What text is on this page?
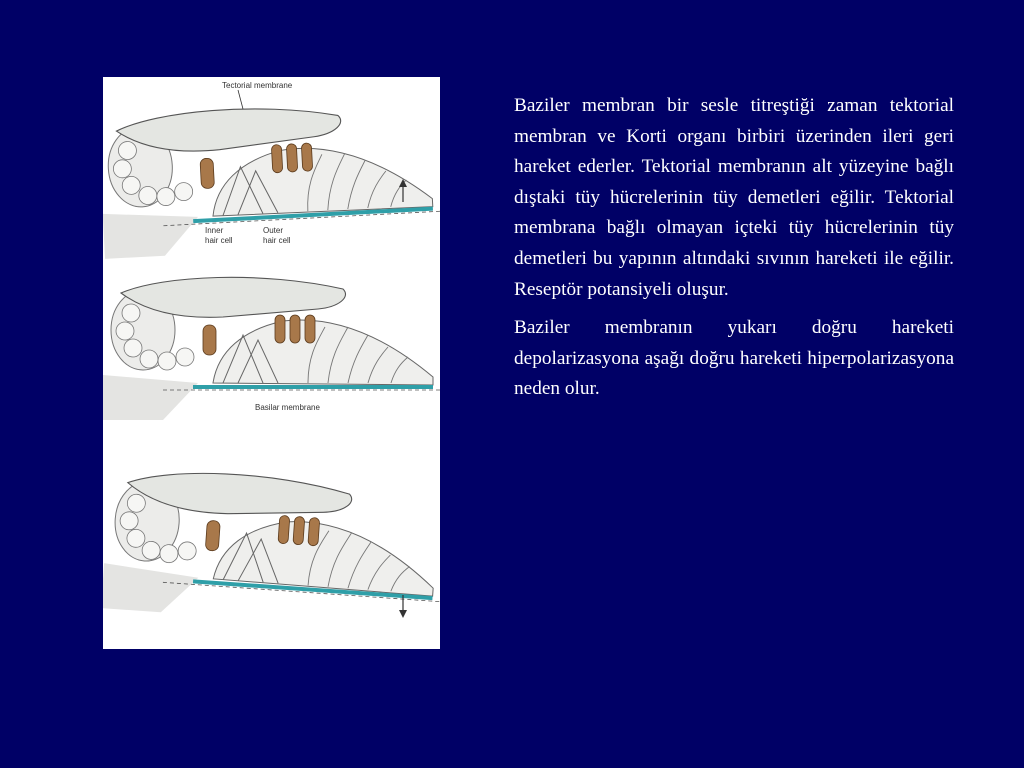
Tectorial membrane
Inner
hair cell
Outer
hair cell
Basilar membrane

Baziler membran bir sesle titreştiği zaman tektorial membran ve Korti organı birbiri üzerinden ileri geri hareket ederler. Tektorial membranın alt yüzeyine bağlı dıştaki tüy hücrelerinin tüy demetleri eğilir. Tektorial membrana bağlı olmayan içteki tüy hücrelerinin tüy demetleri bu yapının altındaki sıvının hareketi ile eğilir. Reseptör potansiyeli oluşur.

Baziler membranın yukarı doğru hareketi depolarizasyona aşağı doğru hareketi hiperpolarizasyona neden olur.
